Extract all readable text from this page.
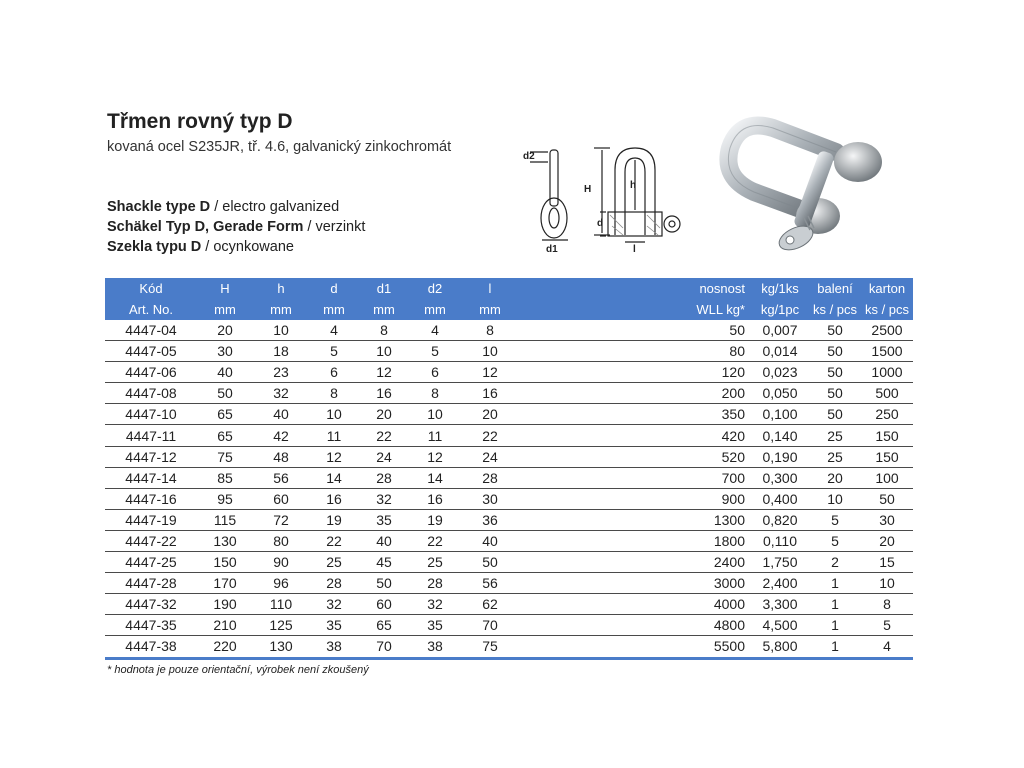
Třmen rovný typ D
kovaná ocel S235JR, tř. 4.6, galvanický zinkochromát
Shackle type D / electro galvanized
Schäkel Typ D, Gerade Form / verzinkt
Szekla typu D / ocynkowane
d2
H	h
d
d1	l
Kód	H	h	d	d1	d2	l	nosnost	kg/1ks	balení	karton
Art. No.	mm	mm	mm	mm	mm	mm	WLL kg*	kg/1pc	ks / pcs	ks / pcs
4447-04	20	10	4	8	4	8	50	0,007	50	2500
4447-05	30	18	5	10	5	10	80	0,014	50	1500
4447-06	40	23	6	12	6	12	120	0,023	50	1000
4447-08	50	32	8	16	8	16	200	0,050	50	500
4447-10	65	40	10	20	10	20	350	0,100	50	250
4447-11	65	42	11	22	11	22	420	0,140	25	150
4447-12	75	48	12	24	12	24	520	0,190	25	150
4447-14	85	56	14	28	14	28	700	0,300	20	100
4447-16	95	60	16	32	16	30	900	0,400	10	50
4447-19	115	72	19	35	19	36	1300	0,820	5	30
4447-22	130	80	22	40	22	40	1800	0,110	5	20
4447-25	150	90	25	45	25	50	2400	1,750	2	15
4447-28	170	96	28	50	28	56	3000	2,400	1	10
4447-32	190	110	32	60	32	62	4000	3,300	1	8
4447-35	210	125	35	65	35	70	4800	4,500	1	5
4447-38	220	130	38	70	38	75	5500	5,800	1	4
* hodnota je pouze orientační, výrobek není zkoušený
